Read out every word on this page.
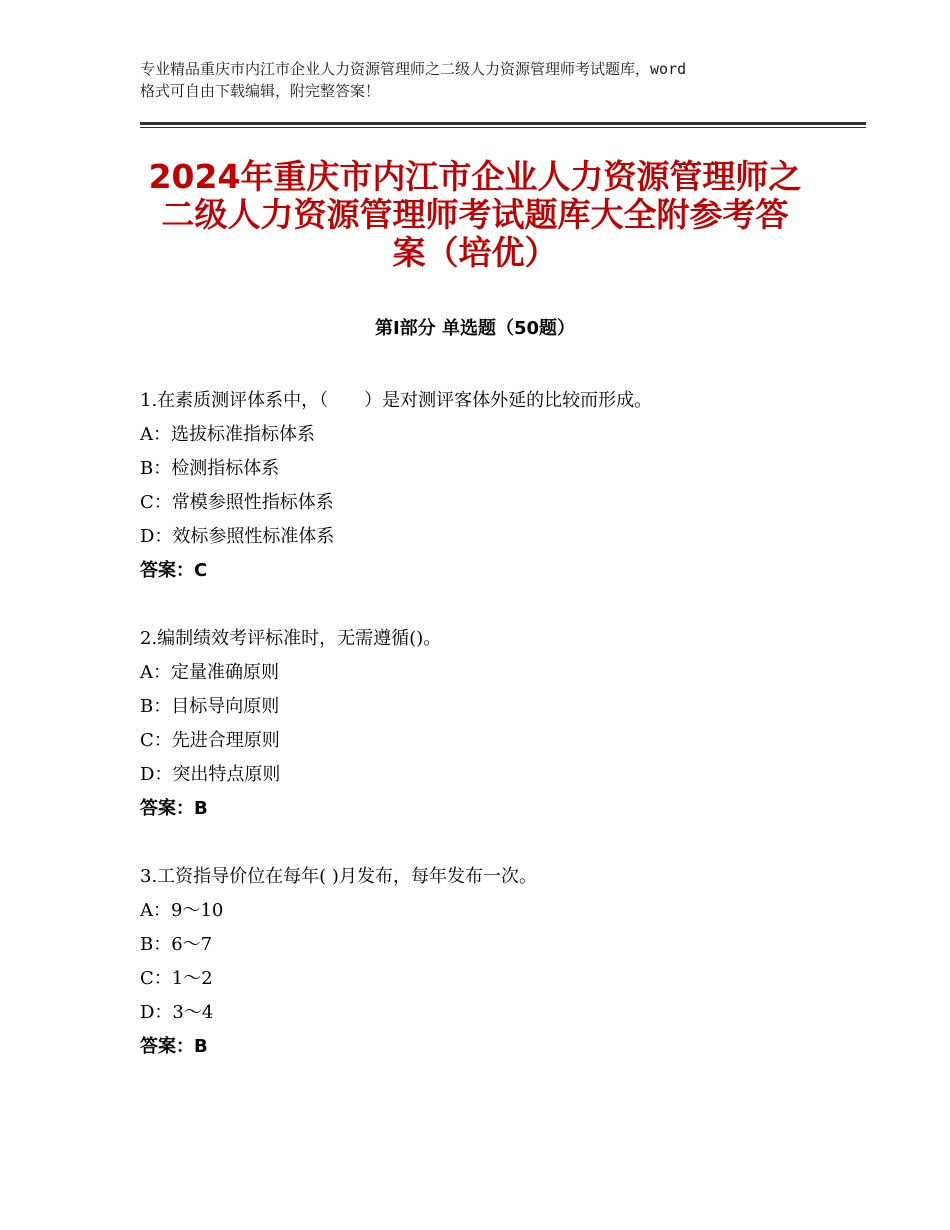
专业精品重庆市内江市企业人力资源管理师之二级人力资源管理师考试题库，word
格式可自由下载编辑，附完整答案！
2024年重庆市内江市企业人力资源管理师之
二级人力资源管理师考试题库大全附参考答
案（培优）
第Ⅰ部分 单选题（50题）
1.在素质测评体系中，（　　）是对测评客体外延的比较而形成。
A：选拔标准指标体系
B：检测指标体系
C：常模参照性指标体系
D：效标参照性标准体系
答案：C
2.编制绩效考评标准时，无需遵循()。
A：定量准确原则
B：目标导向原则
C：先进合理原则
D：突出特点原则
答案：B
3.工资指导价位在每年( )月发布，每年发布一次。
A：9～10
B：6～7
C：1～2
D：3～4
答案：B
